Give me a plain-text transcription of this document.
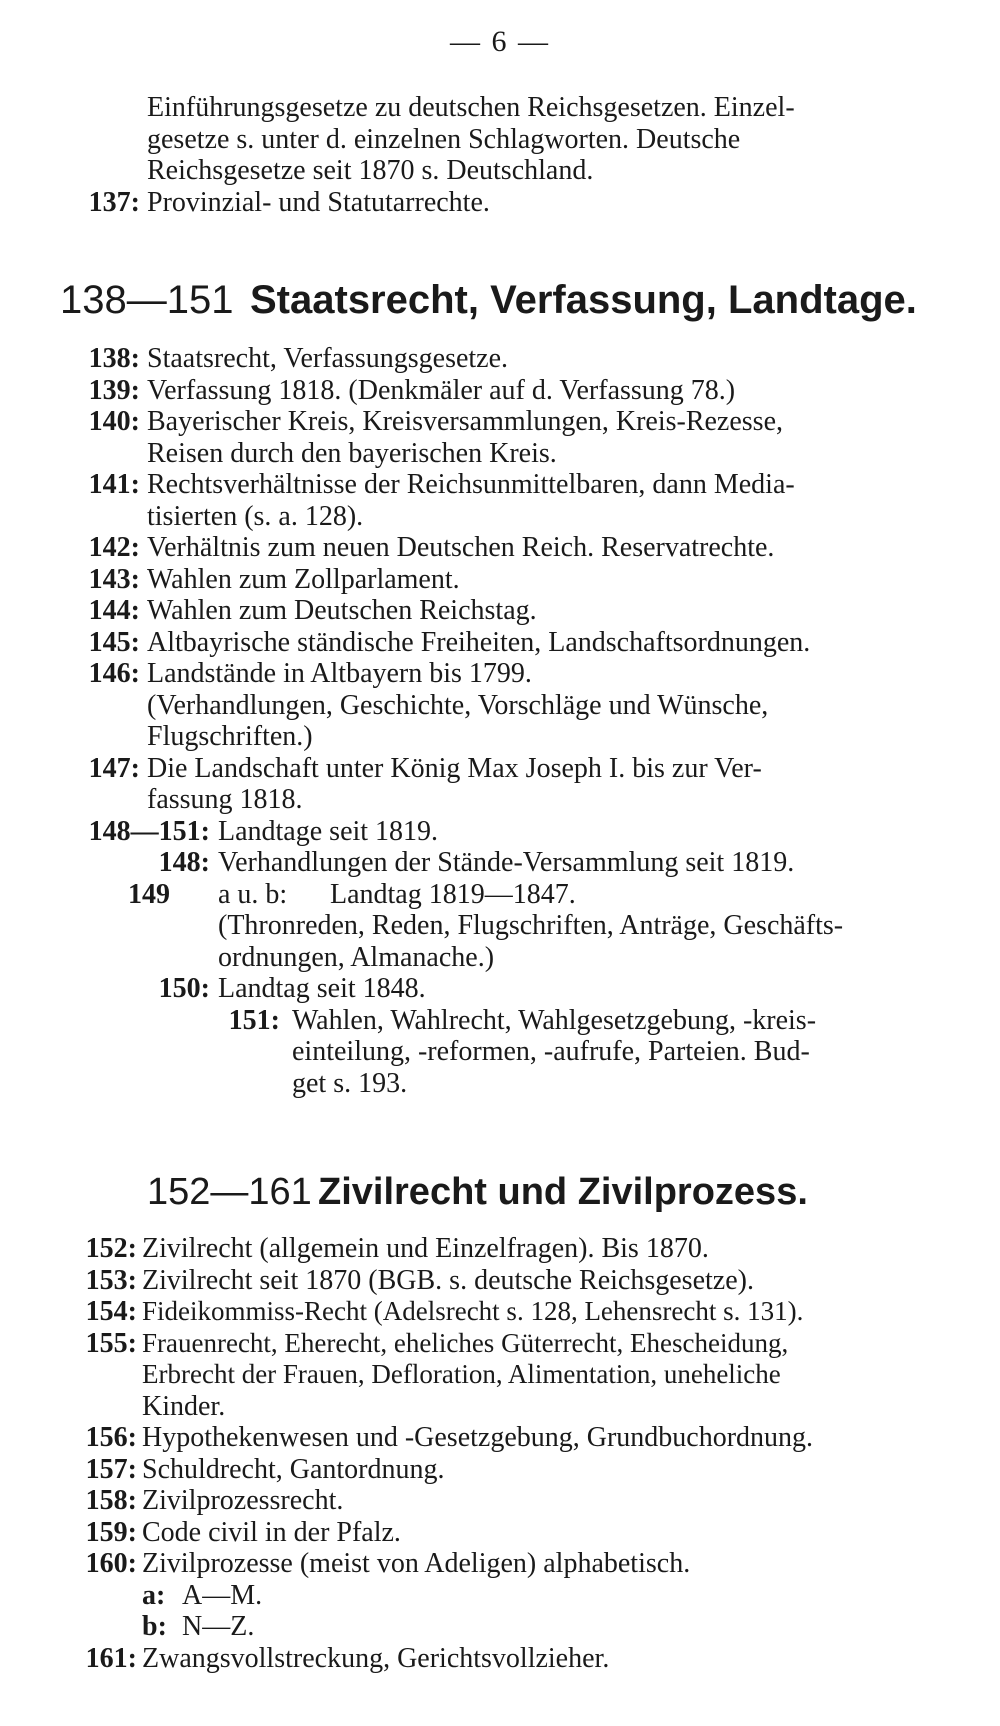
— 6 —
Einführungsgesetze zu deutschen Reichsgesetzen. Einzel-
gesetze s. unter d. einzelnen Schlagworten. Deutsche
Reichsgesetze seit 1870 s. Deutschland.
137: Provinzial- und Statutarrechte.
138—151 Staatsrecht, Verfassung, Landtage.
138: Staatsrecht, Verfassungsgesetze.
139: Verfassung 1818. (Denkmäler auf d. Verfassung 78.)
140: Bayerischer Kreis, Kreisversammlungen, Kreis-Rezesse,
Reisen durch den bayerischen Kreis.
141: Rechtsverhältnisse der Reichsunmittelbaren, dann Media-
tisierten (s. a. 128).
142: Verhältnis zum neuen Deutschen Reich. Reservatrechte.
143: Wahlen zum Zollparlament.
144: Wahlen zum Deutschen Reichstag.
145: Altbayrische ständische Freiheiten, Landschaftsordnungen.
146: Landstände in Altbayern bis 1799.
(Verhandlungen, Geschichte, Vorschläge und Wünsche,
Flugschriften.)
147: Die Landschaft unter König Max Joseph I. bis zur Ver-
fassung 1818.
148—151: Landtage seit 1819.
148: Verhandlungen der Stände-Versammlung seit 1819.
149 a u. b: Landtag 1819—1847.
(Thronreden, Reden, Flugschriften, Anträge, Geschäfts-
ordnungen, Almanache.)
150: Landtag seit 1848.
151: Wahlen, Wahlrecht, Wahlgesetzgebung, -kreis-
einteilung, -reformen, -aufrufe, Parteien. Bud-
get s. 193.
152—161 Zivilrecht und Zivilprozess.
152: Zivilrecht (allgemein und Einzelfragen). Bis 1870.
153: Zivilrecht seit 1870 (BGB. s. deutsche Reichsgesetze).
154: Fideikommiss-Recht (Adelsrecht s. 128, Lehensrecht s. 131).
155: Frauenrecht, Eherecht, eheliches Güterrecht, Ehescheidung,
Erbrecht der Frauen, Defloration, Alimentation, uneheliche
Kinder.
156: Hypothekenwesen und -Gesetzgebung, Grundbuchordnung.
157: Schuldrecht, Gantordnung.
158: Zivilprozessrecht.
159: Code civil in der Pfalz.
160: Zivilprozesse (meist von Adeligen) alphabetisch.
a: A—M.
b: N—Z.
161: Zwangsvollstreckung, Gerichtsvollzieher.
